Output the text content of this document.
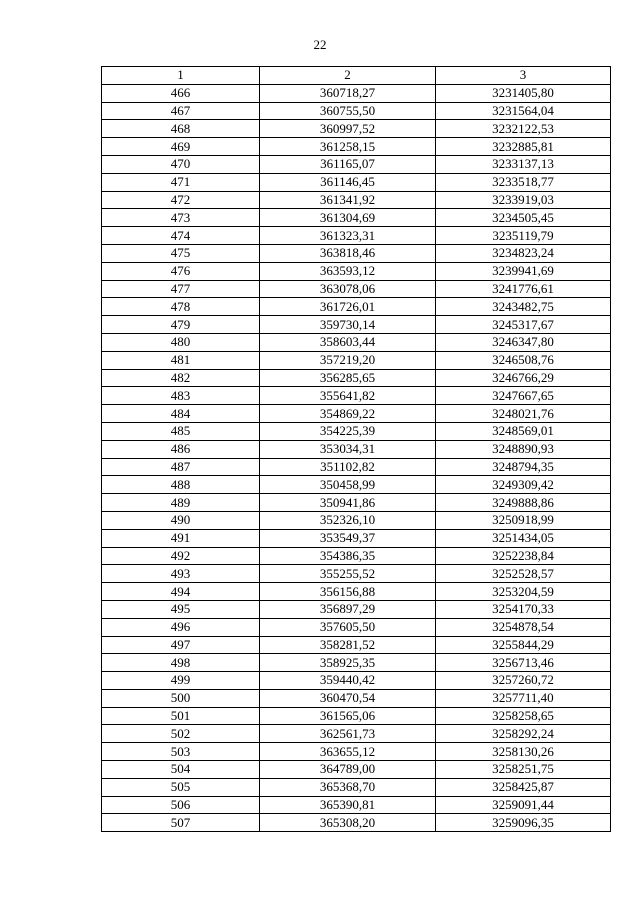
22
1	2	3
466	360718,27	3231405,80
467	360755,50	3231564,04
468	360997,52	3232122,53
469	361258,15	3232885,81
470	361165,07	3233137,13
471	361146,45	3233518,77
472	361341,92	3233919,03
473	361304,69	3234505,45
474	361323,31	3235119,79
475	363818,46	3234823,24
476	363593,12	3239941,69
477	363078,06	3241776,61
478	361726,01	3243482,75
479	359730,14	3245317,67
480	358603,44	3246347,80
481	357219,20	3246508,76
482	356285,65	3246766,29
483	355641,82	3247667,65
484	354869,22	3248021,76
485	354225,39	3248569,01
486	353034,31	3248890,93
487	351102,82	3248794,35
488	350458,99	3249309,42
489	350941,86	3249888,86
490	352326,10	3250918,99
491	353549,37	3251434,05
492	354386,35	3252238,84
493	355255,52	3252528,57
494	356156,88	3253204,59
495	356897,29	3254170,33
496	357605,50	3254878,54
497	358281,52	3255844,29
498	358925,35	3256713,46
499	359440,42	3257260,72
500	360470,54	3257711,40
501	361565,06	3258258,65
502	362561,73	3258292,24
503	363655,12	3258130,26
504	364789,00	3258251,75
505	365368,70	3258425,87
506	365390,81	3259091,44
507	365308,20	3259096,35
